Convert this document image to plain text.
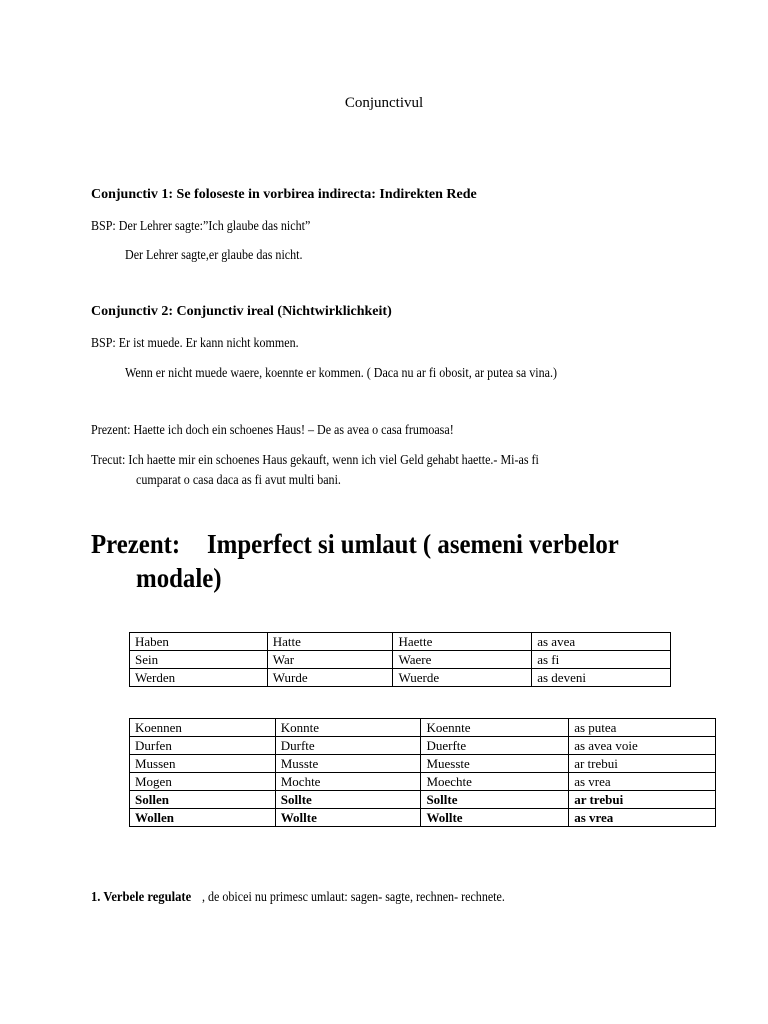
Conjunctivul
Conjunctiv 1: Se foloseste in vorbirea indirecta: Indirekten Rede
BSP: Der Lehrer sagte:”Ich glaube das nicht”
Der Lehrer sagte,er glaube das nicht.
Conjunctiv 2: Conjunctiv ireal (Nichtwirklichkeit)
BSP: Er ist muede. Er kann nicht kommen.
Wenn er nicht muede waere, koennte er kommen. ( Daca nu ar fi obosit, ar putea sa vina.)
Prezent: Haette ich doch ein schoenes Haus! – De as avea o casa frumoasa!
Trecut: Ich haette mir ein schoenes Haus gekauft, wenn ich viel Geld gehabt haette.- Mi-as fi
cumparat o casa daca as fi avut multi bani.
Prezent: Imperfect si umlaut ( asemeni verbelor
modale)
Haben	Hatte	Haette	as avea
Sein	War	Waere	as fi
Werden	Wurde	Wuerde	as deveni
Koennen	Konnte	Koennte	as putea
Durfen	Durfte	Duerfte	as avea voie
Mussen	Musste	Muesste	ar trebui
Mogen	Mochte	Moechte	as vrea
Sollen	Sollte	Sollte	ar trebui
Wollen	Wollte	Wollte	as vrea
1. Verbele regulate , de obicei nu primesc umlaut: sagen- sagte, rechnen- rechnete.
